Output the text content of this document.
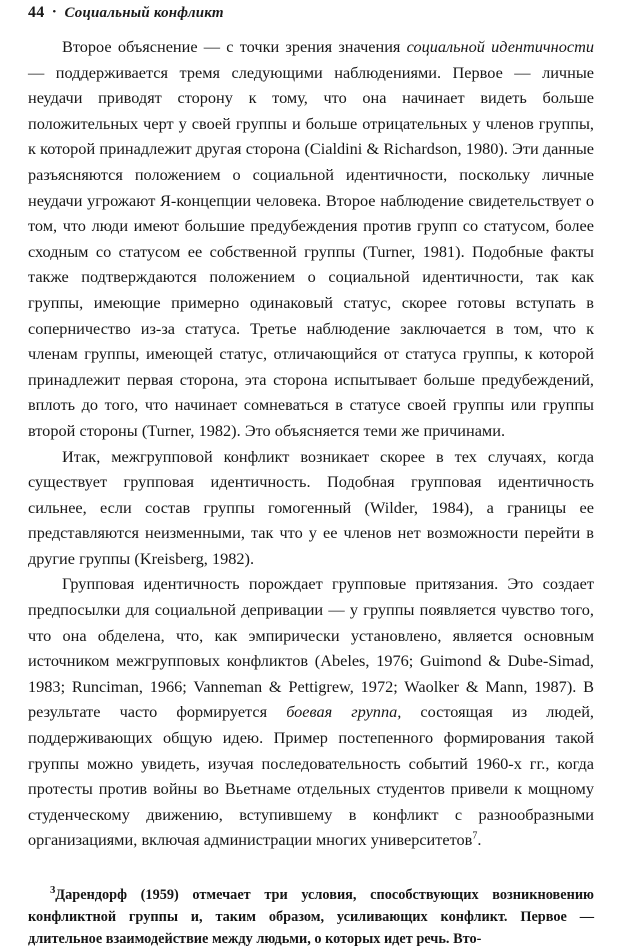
44 • Социальный конфликт

Второе объяснение — с точки зрения значения социальной идентичности — поддерживается тремя следующими наблюдениями. Первое — личные неудачи приводят сторону к тому, что она начинает видеть больше положительных черт у своей группы и больше отрицательных у членов группы, к которой принадлежит другая сторона (Cialdini & Richardson, 1980). Эти данные разъясняются положением о социальной идентичности, поскольку личные неудачи угрожают Я-концепции человека. Второе наблюдение свидетельствует о том, что люди имеют большие предубеждения против групп со статусом, более сходным со статусом ее собственной группы (Turner, 1981). Подобные факты также подтверждаются положением о социальной идентичности, так как группы, имеющие примерно одинаковый статус, скорее готовы вступать в соперничество из-за статуса. Третье наблюдение заключается в том, что к членам группы, имеющей статус, отличающийся от статуса группы, к которой принадлежит первая сторона, эта сторона испытывает больше предубеждений, вплоть до того, что начинает сомневаться в статусе своей группы или группы второй стороны (Turner, 1982). Это объясняется теми же причинами.

Итак, межгрупповой конфликт возникает скорее в тех случаях, когда существует групповая идентичность. Подобная групповая идентичность сильнее, если состав группы гомогенный (Wilder, 1984), а границы ее представляются неизменными, так что у ее членов нет возможности перейти в другие группы (Kreisberg, 1982).

Групповая идентичность порождает групповые притязания. Это создает предпосылки для социальной депривации — у группы появляется чувство того, что она обделена, что, как эмпирически установлено, является основным источником межгрупповых конфликтов (Abeles, 1976; Guimond & Dube-Simad, 1983; Runciman, 1966; Vanneman & Pettigrew, 1972; Waolker & Mann, 1987). В результате часто формируется боевая группа, состоящая из людей, поддерживающих общую идею. Пример постепенного формирования такой группы можно увидеть, изучая последовательность событий 1960-х гг., когда протесты против войны во Вьетнаме отдельных студентов привели к мощному студенческому движению, вступившему в конфликт с разнообразными организациями, включая администрации многих университетов$^7$.

$^З$Дарендорф (1959) отмечает три условия, способствующих возникновению конфликтной группы и, таким образом, усиливающих конфликт. Первое — длительное взаимодействие между людьми, о которых идет речь. Вто-
